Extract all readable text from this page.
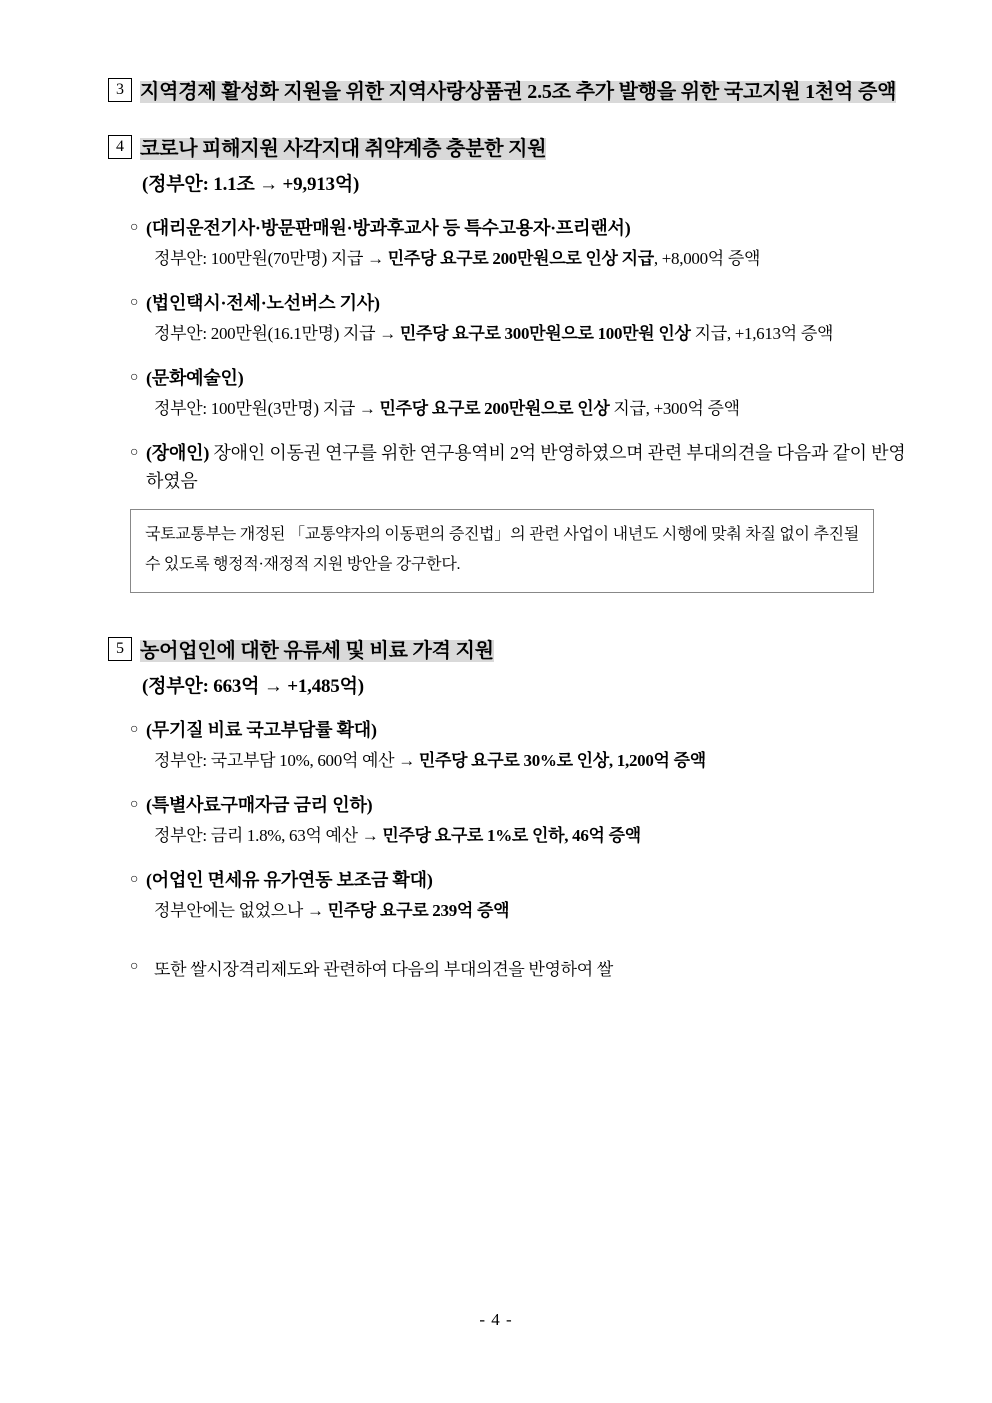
3 지역경제 활성화 지원을 위한 지역사랑상품권 2.5조 추가 발행을 위한 국고지원 1천억 증액
4 코로나 피해지원 사각지대 취약계층 충분한 지원
(정부안: 1.1조 → +9,913억)
○ (대리운전기사·방문판매원·방과후교사 등 특수고용자·프리랜서)
정부안: 100만원(70만명) 지급 → 민주당 요구로 200만원으로 인상 지급, +8,000억 증액
○ (법인택시·전세·노선버스 기사)
정부안: 200만원(16.1만명) 지급 → 민주당 요구로 300만원으로 100만원 인상 지급, +1,613억 증액
○ (문화예술인)
정부안: 100만원(3만명) 지급 → 민주당 요구로 200만원으로 인상 지급, +300억 증액
○ (장애인) 장애인 이동권 연구를 위한 연구용역비 2억 반영하였으며 관련 부대의견을 다음과 같이 반영하였음
국토교통부는 개정된 「교통약자의 이동편의 증진법」의 관련 사업이 내년도 시행에 맞춰 차질 없이 추진될 수 있도록 행정적·재정적 지원 방안을 강구한다.
5 농어업인에 대한 유류세 및 비료 가격 지원
(정부안: 663억 → +1,485억)
○ (무기질 비료 국고부담률 확대)
정부안: 국고부담 10%, 600억 예산 → 민주당 요구로 30%로 인상, 1,200억 증액
○ (특별사료구매자금 금리 인하)
정부안: 금리 1.8%, 63억 예산 → 민주당 요구로 1%로 인하, 46억 증액
○ (어업인 면세유 유가연동 보조금 확대)
정부안에는 없었으나 → 민주당 요구로 239억 증액
○ 또한 쌀시장격리제도와 관련하여 다음의 부대의견을 반영하여 쌀
- 4 -
